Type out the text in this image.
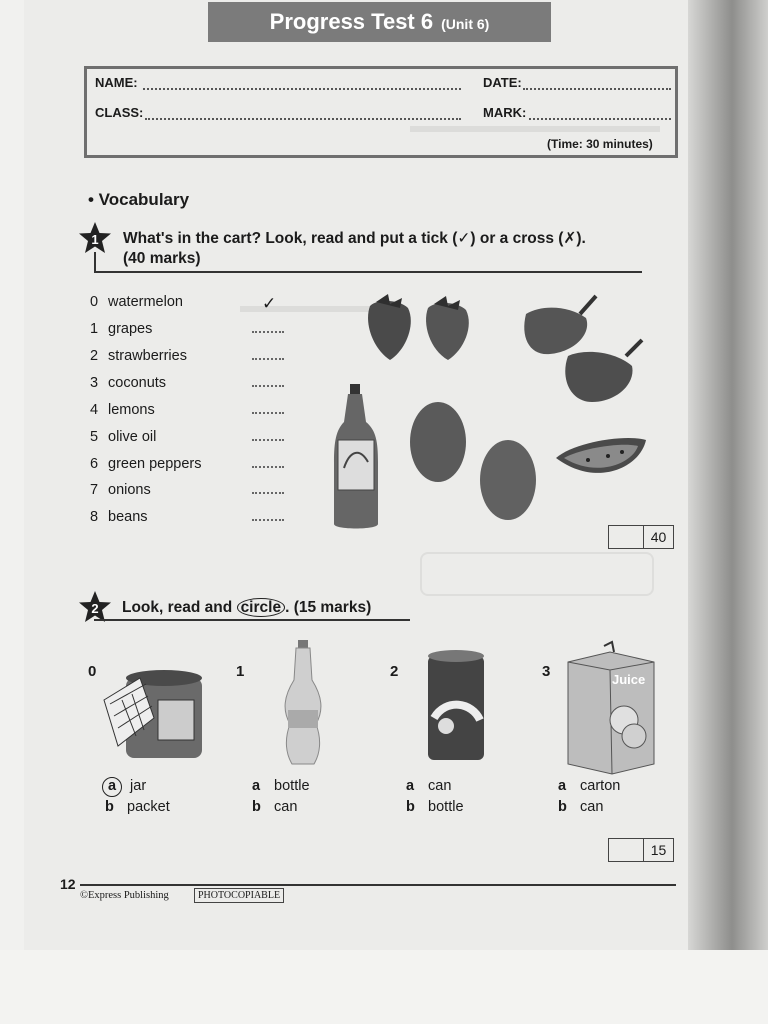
Progress Test 6 (Unit 6)
NAME:	DATE:
CLASS:	MARK:
(Time: 30 minutes)
• Vocabulary
1 What's in the cart? Look, read and put a tick (✓) or a cross (✗).
(40 marks)
0 watermelon	✓
1 grapes
2 strawberries
3 coconuts
4 lemons
5 olive oil
6 green peppers
7 onions
8 beans
40
2 Look, read and circle . (15 marks)
0
a jar
b packet
1
a bottle
b can
2
a can
b bottle
3
a carton
b can
Juice
15
12
©Express Publishing	PHOTOCOPIABLE
